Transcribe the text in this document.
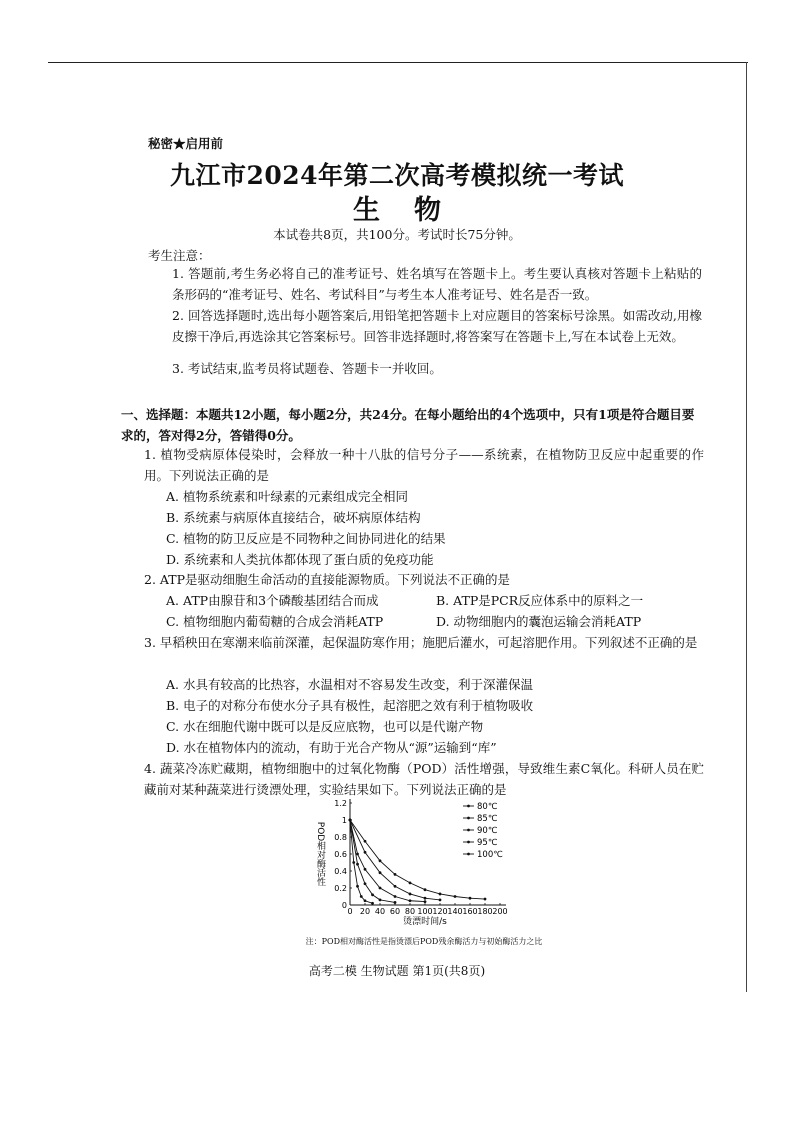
秘密★启用前
九江市2024年第二次高考模拟统一考试
生物
本试卷共8页，共100分。考试时长75分钟。
考生注意：
1. 答题前,考生务必将自己的准考证号、姓名填写在答题卡上。考生要认真核对答题卡上粘贴的条形码的“准考证号、姓名、考试科目”与考生本人准考证号、姓名是否一致。
2. 回答选择题时,选出每小题答案后,用铅笔把答题卡上对应题目的答案标号涂黑。如需改动,用橡皮擦干净后,再选涂其它答案标号。回答非选择题时,将答案写在答题卡上,写在本试卷上无效。
3. 考试结束,监考员将试题卷、答题卡一并收回。
一、选择题：本题共12小题，每小题2分，共24分。在每小题给出的4个选项中，只有1项是符合题目要求的，答对得2分，答错得0分。
1. 植物受病原体侵染时，会释放一种十八肽的信号分子——系统素，在植物防卫反应中起重要的作用。下列说法正确的是
A. 植物系统素和叶绿素的元素组成完全相同
B. 系统素与病原体直接结合，破坏病原体结构
C. 植物的防卫反应是不同物种之间协同进化的结果
D. 系统素和人类抗体都体现了蛋白质的免疫功能
2. ATP是驱动细胞生命活动的直接能源物质。下列说法不正确的是
A. ATP由腺苷和3个磷酸基团结合而成	B. ATP是PCR反应体系中的原料之一
C. 植物细胞内葡萄糖的合成会消耗ATP	D. 动物细胞内的囊泡运输会消耗ATP
3. 早稻秧田在寒潮来临前深灌，起保温防寒作用；施肥后灌水，可起溶肥作用。下列叙述不正确的是
A. 水具有较高的比热容，水温相对不容易发生改变，利于深灌保温
B. 电子的对称分布使水分子具有极性，起溶肥之效有利于植物吸收
C. 水在细胞代谢中既可以是反应底物，也可以是代谢产物
D. 水在植物体内的流动，有助于光合产物从“源”运输到“库”
4. 蔬菜冷冻贮藏期，植物细胞中的过氧化物酶（POD）活性增强，导致维生素C氧化。科研人员在贮藏前对某种蔬菜进行烫漂处理，实验结果如下。下列说法正确的是
0 20 40 60 80 100 120 140 160 180 200
0
0.2
0.4
0.6
0.8
1
1.2
烫漂时间/s
POD相对酶活性
80℃
85℃
90℃
95℃
100℃
注：POD相对酶活性是指烫漂后POD残余酶活力与初始酶活力之比
高考二模 生物试题 第1页(共8页)
